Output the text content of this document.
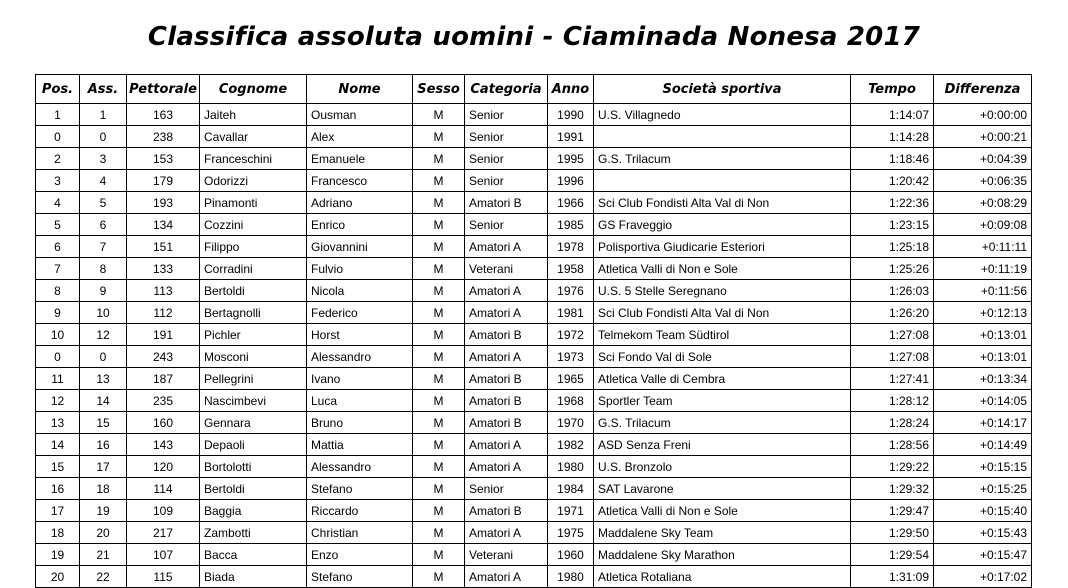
Classifica assoluta uomini - Ciaminada Nonesa 2017
Pos.	Ass.	Pettorale	Cognome	Nome	Sesso	Categoria	Anno	Società sportiva	Tempo	Differenza
1	1	163	Jaiteh	Ousman	M	Senior	1990	U.S. Villagnedo	1:14:07	+0:00:00
0	0	238	Cavallar	Alex	M	Senior	1991		1:14:28	+0:00:21
2	3	153	Franceschini	Emanuele	M	Senior	1995	G.S. Trilacum	1:18:46	+0:04:39
3	4	179	Odorizzi	Francesco	M	Senior	1996		1:20:42	+0:06:35
4	5	193	Pinamonti	Adriano	M	Amatori B	1966	Sci Club Fondisti Alta Val di Non	1:22:36	+0:08:29
5	6	134	Cozzini	Enrico	M	Senior	1985	GS Fraveggio	1:23:15	+0:09:08
6	7	151	Filippo	Giovannini	M	Amatori A	1978	Polisportiva Giudicarie Esteriori	1:25:18	+0:11:11
7	8	133	Corradini	Fulvio	M	Veterani	1958	Atletica Valli di Non e Sole	1:25:26	+0:11:19
8	9	113	Bertoldi	Nicola	M	Amatori A	1976	U.S. 5 Stelle Seregnano	1:26:03	+0:11:56
9	10	112	Bertagnolli	Federico	M	Amatori A	1981	Sci Club Fondisti Alta Val di Non	1:26:20	+0:12:13
10	12	191	Pichler	Horst	M	Amatori B	1972	Telmekom Team Südtirol	1:27:08	+0:13:01
0	0	243	Mosconi	Alessandro	M	Amatori A	1973	Sci Fondo Val di Sole	1:27:08	+0:13:01
11	13	187	Pellegrini	Ivano	M	Amatori B	1965	Atletica Valle di Cembra	1:27:41	+0:13:34
12	14	235	Nascimbevi	Luca	M	Amatori B	1968	Sportler Team	1:28:12	+0:14:05
13	15	160	Gennara	Bruno	M	Amatori B	1970	G.S. Trilacum	1:28:24	+0:14:17
14	16	143	Depaoli	Mattia	M	Amatori A	1982	ASD Senza Freni	1:28:56	+0:14:49
15	17	120	Bortolotti	Alessandro	M	Amatori A	1980	U.S. Bronzolo	1:29:22	+0:15:15
16	18	114	Bertoldi	Stefano	M	Senior	1984	SAT Lavarone	1:29:32	+0:15:25
17	19	109	Baggia	Riccardo	M	Amatori B	1971	Atletica Valli di Non e Sole	1:29:47	+0:15:40
18	20	217	Zambotti	Christian	M	Amatori A	1975	Maddalene Sky Team	1:29:50	+0:15:43
19	21	107	Bacca	Enzo	M	Veterani	1960	Maddalene Sky Marathon	1:29:54	+0:15:47
20	22	115	Biada	Stefano	M	Amatori A	1980	Atletica Rotaliana	1:31:09	+0:17:02
